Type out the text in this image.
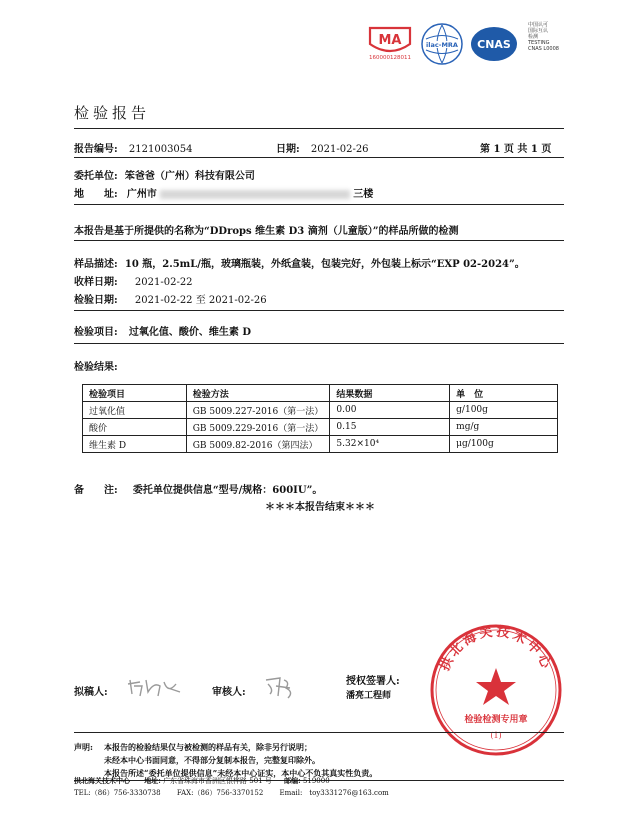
MA
160000128011
ilac-MRA CNAS
中国认可
国际互认
检测
TESTING
CNAS L0008
检验报告
报告编号: 2121003054	日期: 2021-02-26	第 1 页 共 1 页
委托单位: 笨爸爸（广州）科技有限公司
地　　址: 广州市	三楼
本报告是基于所提供的名称为“DDrops 维生素 D3 滴剂（儿童版）”的样品所做的检测
样品描述: 10 瓶，2.5mL/瓶，玻璃瓶装，外纸盒装，包装完好，外包装上标示“EXP 02-2024”。
收样日期: 2021-02-22
检验日期: 2021-02-22 至 2021-02-26
检验项目: 过氧化值、酸价、维生素 D
检验结果:
检验项目	检验方法	结果数据	单　位
过氧化值	GB 5009.227-2016（第一法）	0.00	g/100g
酸价	GB 5009.229-2016（第一法）	0.15	mg/g
维生素 D	GB 5009.82-2016（第四法）	5.32×10⁴	μg/100g
备　　注: 委托单位提供信息“型号/规格：600IU”。
＊＊＊本报告结束＊＊＊
拟稿人:	审核人:
授权签署人:
潘亮工程师
拱北海关技术中心
检验检测专用章
(1)
声明: 本报告的检验结果仅与被检测的样品有关，除非另行说明；
未经本中心书面同意，不得部分复制本报告，完整复印除外。
本报告所述“委托单位提供信息”未经本中心证实，本中心不负其真实性负责。
拱北海关技术中心 地址: 广东省珠海市香洲区银桦路 501 号 邮编: 519000
TEL:（86）756-3330738 FAX:（86）756-3370152 Email:　toy3331276@163.com
